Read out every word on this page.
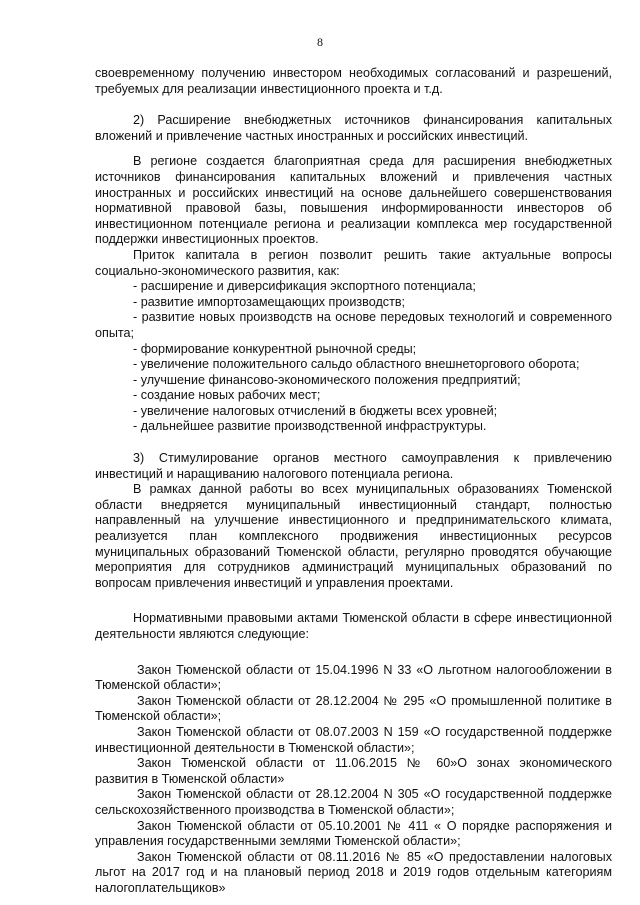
8

своевременному получению инвестором необходимых согласований и разрешений, требуемых для реализации инвестиционного проекта и т.д.

2) Расширение внебюджетных источников финансирования капитальных вложений и привлечение частных иностранных и российских инвестиций.

В регионе создается благоприятная среда для расширения внебюджетных источников финансирования капитальных вложений и привлечения частных иностранных и российских инвестиций на основе дальнейшего совершенствования нормативной правовой базы, повышения информированности инвесторов об инвестиционном потенциале региона и реализации комплекса мер государственной поддержки инвестиционных проектов.

Приток капитала в регион позволит решить такие актуальные вопросы социально-экономического развития, как:

- расширение и диверсификация экспортного потенциала;
- развитие импортозамещающих производств;
- развитие новых производств на основе передовых технологий и современного опыта;
- формирование конкурентной рыночной среды;
- увеличение положительного сальдо областного внешнеторгового оборота;
- улучшение финансово-экономического положения предприятий;
- создание новых рабочих мест;
- увеличение налоговых отчислений в бюджеты всех уровней;
- дальнейшее развитие производственной инфраструктуры.

3) Стимулирование органов местного самоуправления к привлечению инвестиций и наращиванию налогового потенциала региона.

В рамках данной работы во всех муниципальных образованиях Тюменской области внедряется муниципальный инвестиционный стандарт, полностью направленный на улучшение инвестиционного и предпринимательского климата, реализуется план комплексного продвижения инвестиционных ресурсов муниципальных образований Тюменской области, регулярно проводятся обучающие мероприятия для сотрудников администраций муниципальных образований по вопросам привлечения инвестиций и управления проектами.

Нормативными правовыми актами Тюменской области в сфере инвестиционной деятельности являются следующие:

Закон Тюменской области от 15.04.1996 N 33 «О льготном налогообложении в Тюменской области»;

Закон Тюменской области от 28.12.2004 № 295 «О промышленной политике в Тюменской области»;

Закон Тюменской области от 08.07.2003 N 159 «О государственной поддержке инвестиционной деятельности в Тюменской области»;

Закон Тюменской области от 11.06.2015 № 60»О зонах экономического развития в Тюменской области»

Закон Тюменской области от 28.12.2004 N 305 «О государственной поддержке сельскохозяйственного производства в Тюменской области»;

Закон Тюменской области от 05.10.2001 № 411 « О порядке распоряжения и управления государственными землями Тюменской области»;

Закон Тюменской области от 08.11.2016 № 85 «О предоставлении налоговых льгот на 2017 год и на плановый период 2018 и 2019 годов отдельным категориям налогоплательщиков»
